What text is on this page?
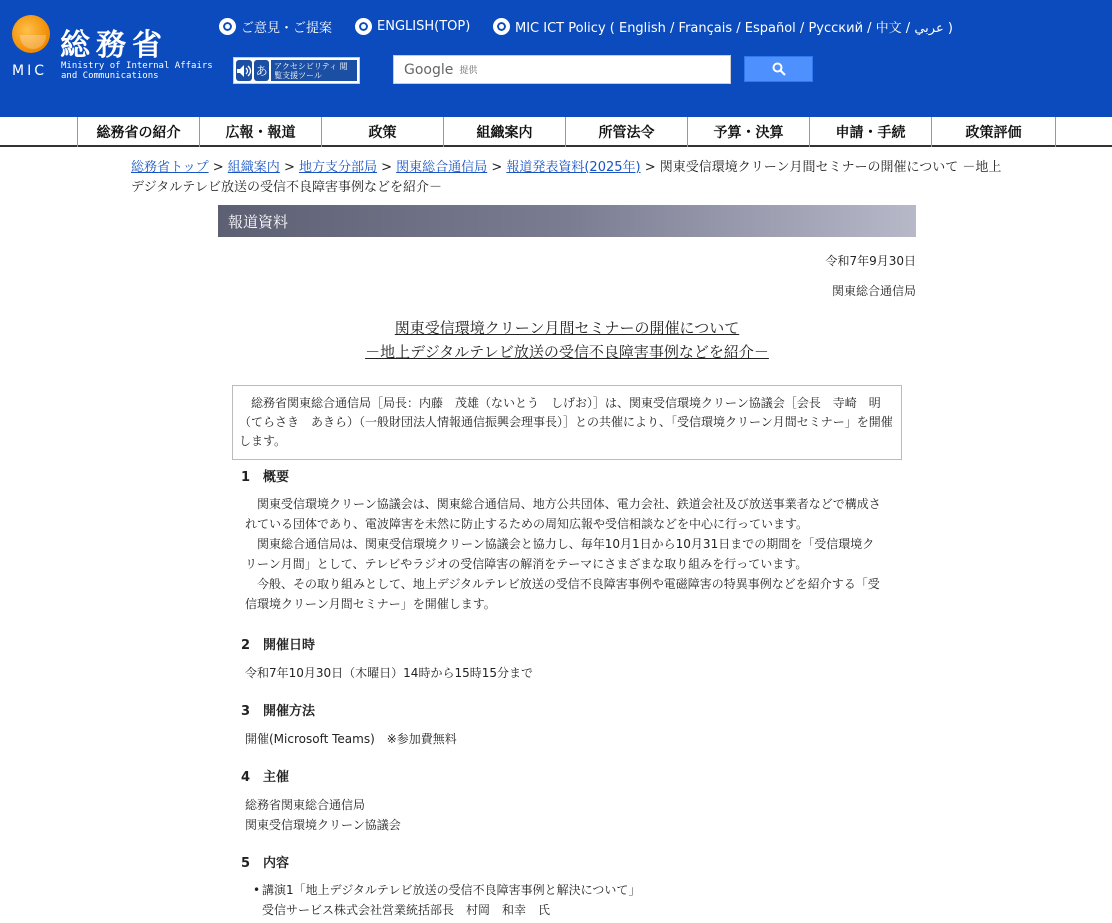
総務省
MIC Ministry of Internal Affairs
and Communications
ご意見・ご提案	ENGLISH(TOP)	MIC ICT Policy ( English / Français / Español / Русский / 中文 / عربي )
あ アクセシビリティ 閲覧支援ツール	Google 提供
総務省の紹介	広報・報道	政策	組織案内	所管法令	予算・決算	申請・手続	政策評価
総務省トップ > 組織案内 > 地方支分部局 > 関東総合通信局 > 報道発表資料(2025年) > 関東受信環境クリーン月間セミナーの開催について －地上デジタルテレビ放送の受信不良障害事例などを紹介－
報道資料
令和7年9月30日
関東総合通信局
関東受信環境クリーン月間セミナーの開催について
－地上デジタルテレビ放送の受信不良障害事例などを紹介－

総務省関東総合通信局［局長：内藤　茂雄（ないとう　しげお）］は、関東受信環境クリーン協議会［会長　寺崎　明（てらさき　あきら）（一般財団法人情報通信振興会理事長）］との共催により、「受信環境クリーン月間セミナー」を開催します。

1　概要

関東受信環境クリーン協議会は、関東総合通信局、地方公共団体、電力会社、鉄道会社及び放送事業者などで構成されている団体であり、電波障害を未然に防止するための周知広報や受信相談などを中心に行っています。

関東総合通信局は、関東受信環境クリーン協議会と協力し、毎年10月1日から10月31日までの期間を「受信環境クリーン月間」として、テレビやラジオの受信障害の解消をテーマにさまざまな取り組みを行っています。

今般、その取り組みとして、地上デジタルテレビ放送の受信不良障害事例や電磁障害の特異事例などを紹介する「受信環境クリーン月間セミナー」を開催します。

2　開催日時
令和7年10月30日（木曜日）14時から15時15分まで
3　開催方法
開催(Microsoft Teams)　※参加費無料
4　主催
総務省関東総合通信局
関東受信環境クリーン協議会
5　内容
• 講演1「地上デジタルテレビ放送の受信不良障害事例と解決について」
受信サービス株式会社営業統括部長　村岡　和幸　氏
